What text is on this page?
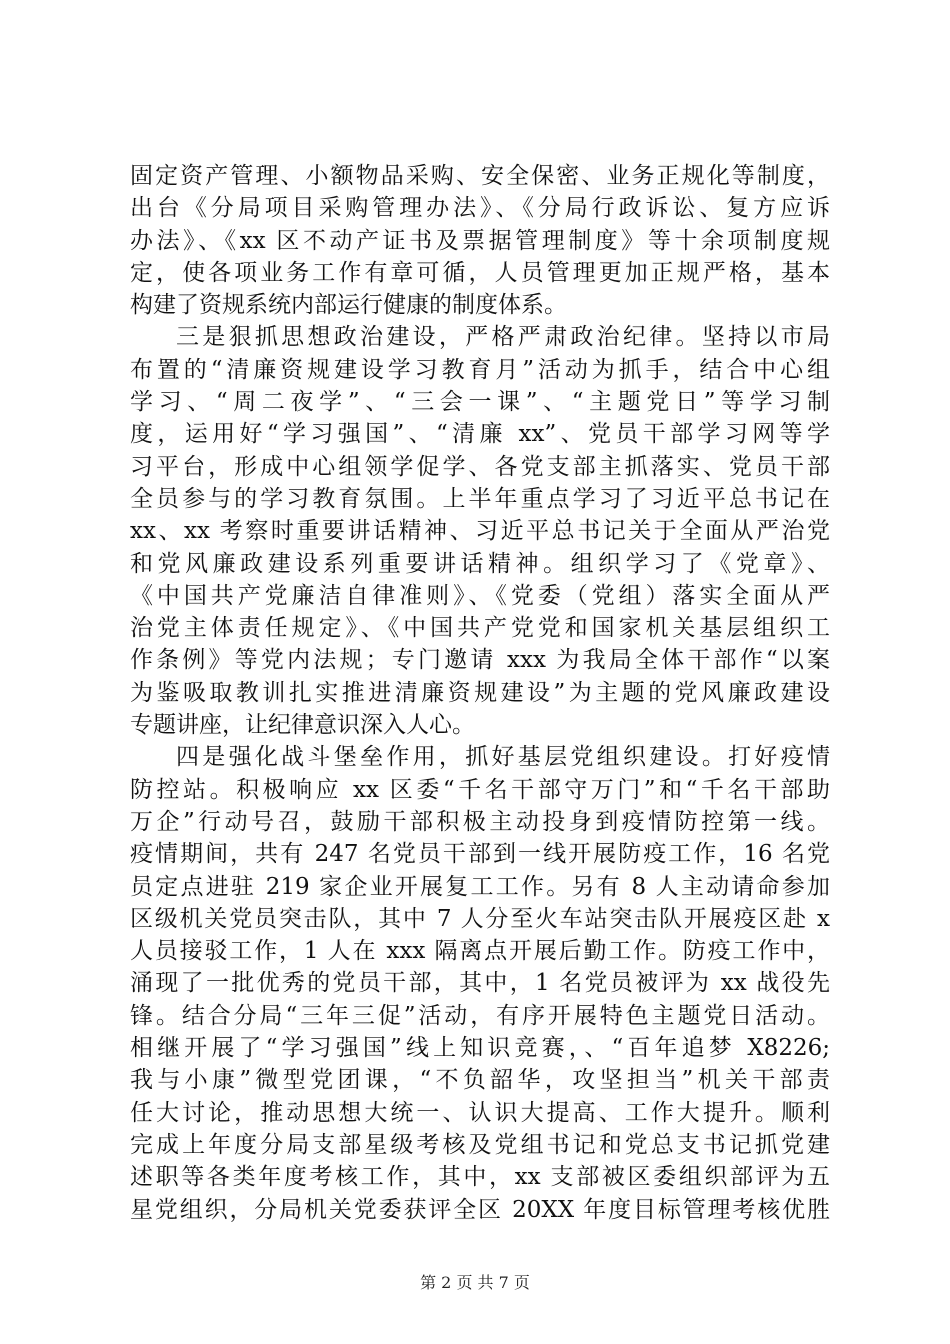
固定资产管理、小额物品采购、安全保密、业务正规化等制度，
出台《分局项目采购管理办法》、《分局行政诉讼、复方应诉
办法》、《xx 区不动产证书及票据管理制度》等十余项制度规
定，使各项业务工作有章可循，人员管理更加正规严格，基本
构建了资规系统内部运行健康的制度体系。
三是狠抓思想政治建设，严格严肃政治纪律。坚持以市局
布置的“清廉资规建设学习教育月”活动为抓手，结合中心组
学习、“周二夜学”、“三会一课”、“主题党日”等学习制
度，运用好“学习强国”、“清廉 xx”、党员干部学习网等学
习平台，形成中心组领学促学、各党支部主抓落实、党员干部
全员参与的学习教育氛围。上半年重点学习了习近平总书记在
xx、xx 考察时重要讲话精神、习近平总书记关于全面从严治党
和党风廉政建设系列重要讲话精神。组织学习了《党章》、
《中国共产党廉洁自律准则》、《党委（党组）落实全面从严
治党主体责任规定》、《中国共产党党和国家机关基层组织工
作条例》等党内法规；专门邀请 xxx 为我局全体干部作“以案
为鉴吸取教训扎实推进清廉资规建设”为主题的党风廉政建设
专题讲座，让纪律意识深入人心。
四是强化战斗堡垒作用，抓好基层党组织建设。打好疫情
防控站。积极响应 xx 区委“千名干部守万门”和“千名干部助
万企”行动号召，鼓励干部积极主动投身到疫情防控第一线。
疫情期间，共有 247 名党员干部到一线开展防疫工作，16 名党
员定点进驻 219 家企业开展复工工作。另有 8 人主动请命参加
区级机关党员突击队，其中 7 人分至火车站突击队开展疫区赴 x
人员接驳工作，1 人在 xxx 隔离点开展后勤工作。防疫工作中，
涌现了一批优秀的党员干部，其中，1 名党员被评为 xx 战役先
锋。结合分局“三年三促”活动，有序开展特色主题党日活动。
相继开展了“学习强国”线上知识竞赛，、“百年追梦 X8226;
我与小康”微型党团课，“不负韶华，攻坚担当”机关干部责
任大讨论，推动思想大统一、认识大提高、工作大提升。顺利
完成上年度分局支部星级考核及党组书记和党总支书记抓党建
述职等各类年度考核工作，其中，xx 支部被区委组织部评为五
星党组织，分局机关党委获评全区 20XX 年度目标管理考核优胜
第 2 页 共 7 页
